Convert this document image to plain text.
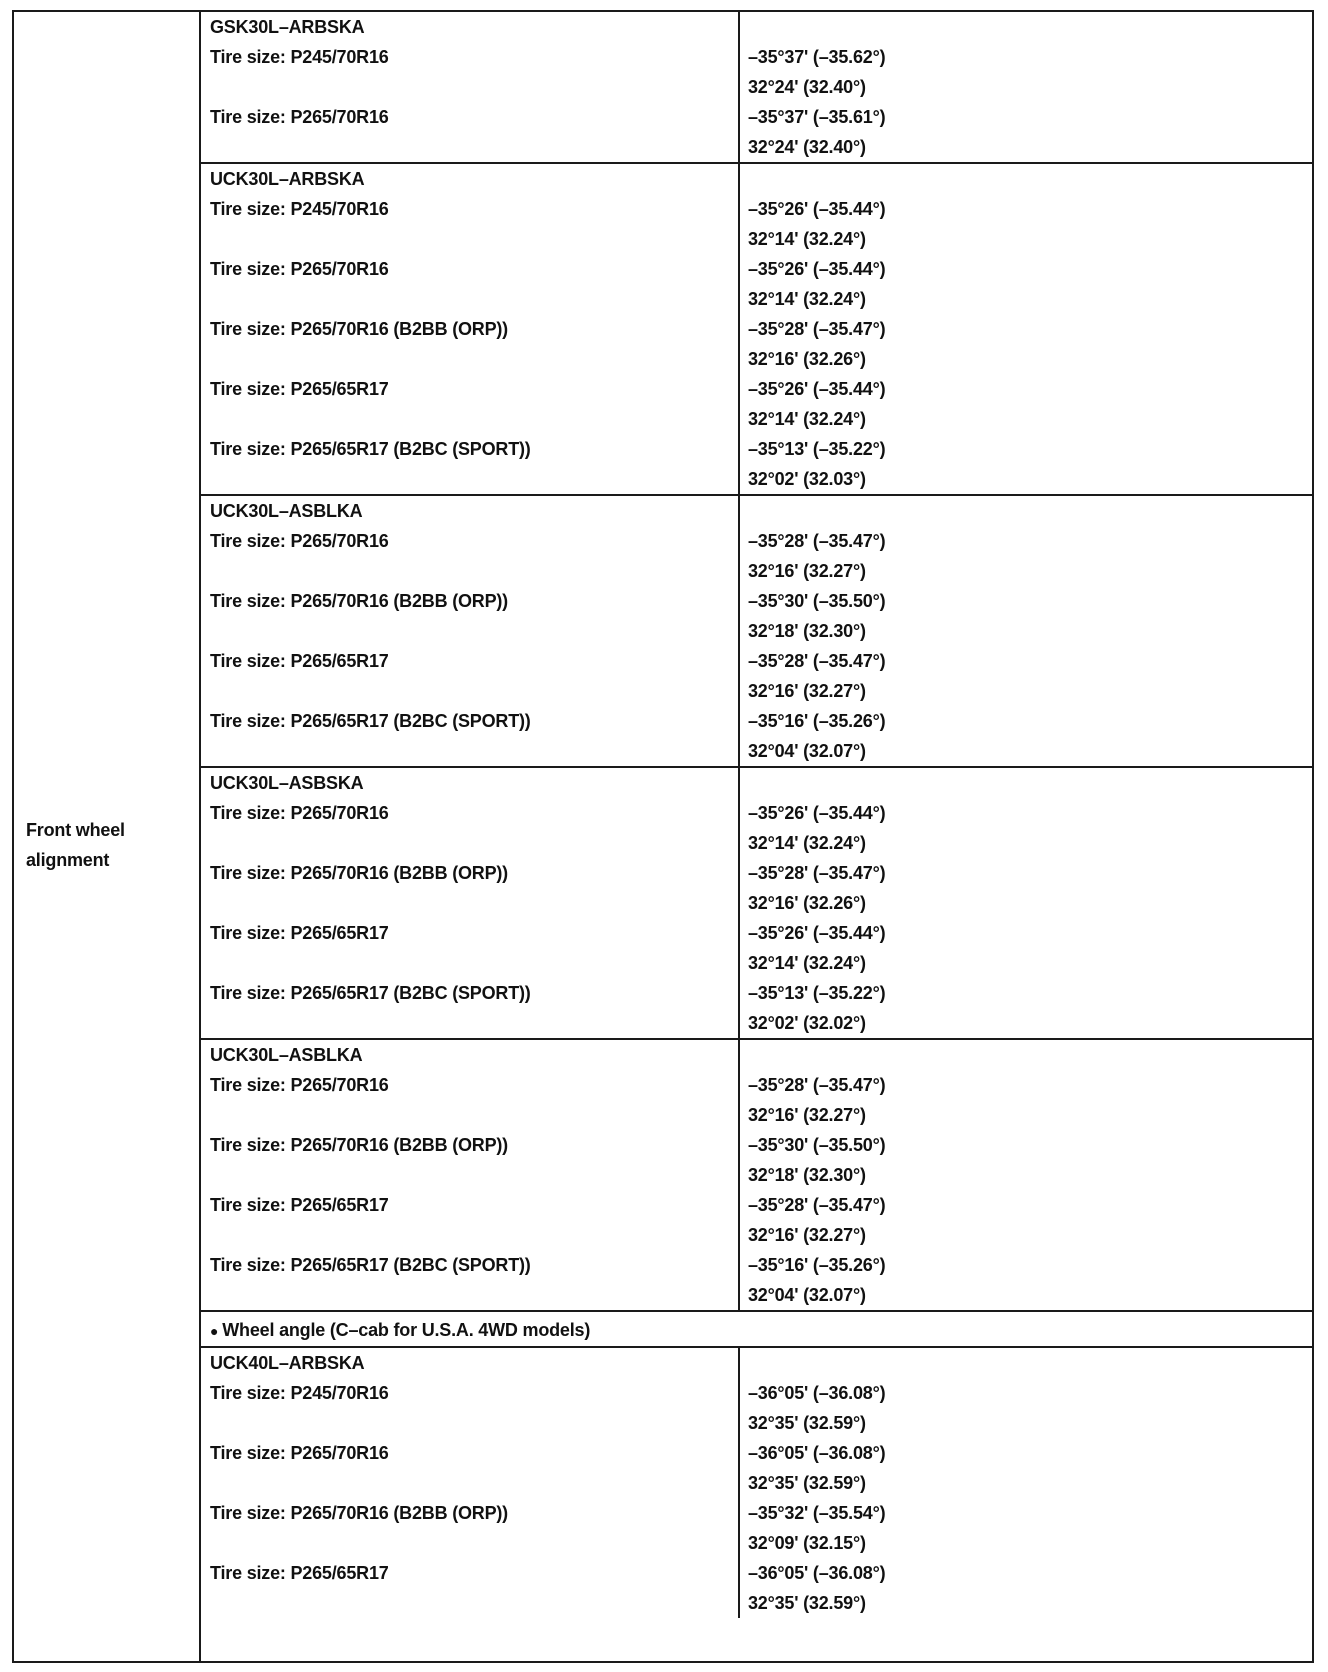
Front wheel alignment
GSK30L–ARBSKA
Tire size: P245/70R16	–35°37' (–35.62°)
32°24' (32.40°)
Tire size: P265/70R16	–35°37' (–35.61°)
32°24' (32.40°)
UCK30L–ARBSKA
Tire size: P245/70R16	–35°26' (–35.44°)
32°14' (32.24°)
Tire size: P265/70R16	–35°26' (–35.44°)
32°14' (32.24°)
Tire size: P265/70R16 (B2BB (ORP))	–35°28' (–35.47°)
32°16' (32.26°)
Tire size: P265/65R17	–35°26' (–35.44°)
32°14' (32.24°)
Tire size: P265/65R17 (B2BC (SPORT))	–35°13' (–35.22°)
32°02' (32.03°)
UCK30L–ASBLKA
Tire size: P265/70R16	–35°28' (–35.47°)
32°16' (32.27°)
Tire size: P265/70R16 (B2BB (ORP))	–35°30' (–35.50°)
32°18' (32.30°)
Tire size: P265/65R17	–35°28' (–35.47°)
32°16' (32.27°)
Tire size: P265/65R17 (B2BC (SPORT))	–35°16' (–35.26°)
32°04' (32.07°)
UCK30L–ASBSKA
Tire size: P265/70R16	–35°26' (–35.44°)
32°14' (32.24°)
Tire size: P265/70R16 (B2BB (ORP))	–35°28' (–35.47°)
32°16' (32.26°)
Tire size: P265/65R17	–35°26' (–35.44°)
32°14' (32.24°)
Tire size: P265/65R17 (B2BC (SPORT))	–35°13' (–35.22°)
32°02' (32.02°)
UCK30L–ASBLKA
Tire size: P265/70R16	–35°28' (–35.47°)
32°16' (32.27°)
Tire size: P265/70R16 (B2BB (ORP))	–35°30' (–35.50°)
32°18' (32.30°)
Tire size: P265/65R17	–35°28' (–35.47°)
32°16' (32.27°)
Tire size: P265/65R17 (B2BC (SPORT))	–35°16' (–35.26°)
32°04' (32.07°)
● Wheel angle (C–cab for U.S.A. 4WD models)
UCK40L–ARBSKA
Tire size: P245/70R16	–36°05' (–36.08°)
32°35' (32.59°)
Tire size: P265/70R16	–36°05' (–36.08°)
32°35' (32.59°)
Tire size: P265/70R16 (B2BB (ORP))	–35°32' (–35.54°)
32°09' (32.15°)
Tire size: P265/65R17	–36°05' (–36.08°)
32°35' (32.59°)
